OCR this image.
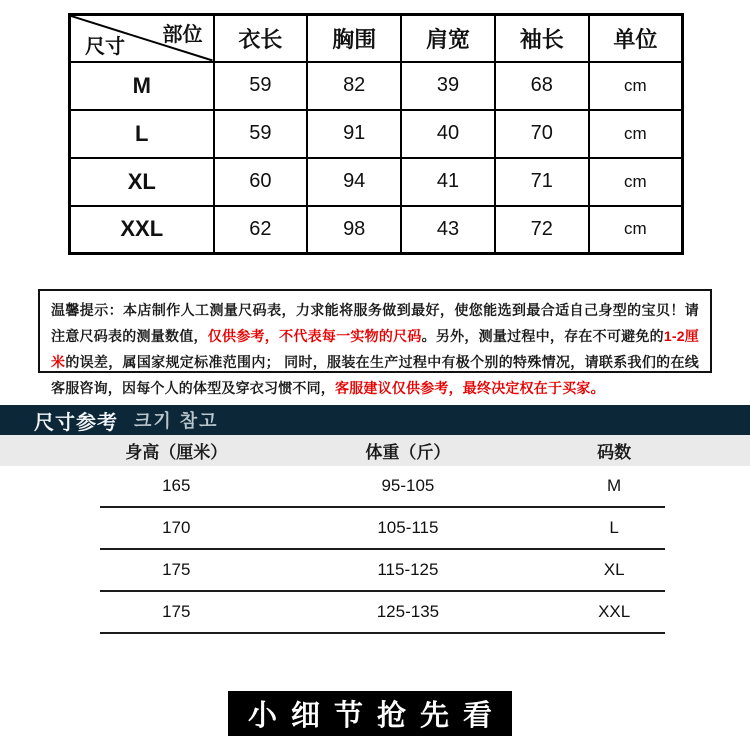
部位
尺寸	衣长	胸围	肩宽	袖长	单位
M	59	82	39	68	cm
L	59	91	40	70	cm
XL	60	94	41	71	cm
XXL	62	98	43	72	cm

温馨提示：本店制作人工测量尺码表，力求能将服务做到最好，使您能选到最合适自己身型的宝贝！请注意尺码表的测量数值，仅供参考，不代表每一实物的尺码。另外，测量过程中，存在不可避免的1-2厘米的误差，属国家规定标准范围内； 同时，服装在生产过程中有极个别的特殊情况，请联系我们的在线客服咨询，因每个人的体型及穿衣习惯不同，客服建议仅供参考，最终决定权在于买家。

尺寸参考 크기 참고
身高（厘米）	体重（斤）	码数
165	95-105	M
170	105-115	L
175	115-125	XL
175	125-135	XXL
小细节抢先看
